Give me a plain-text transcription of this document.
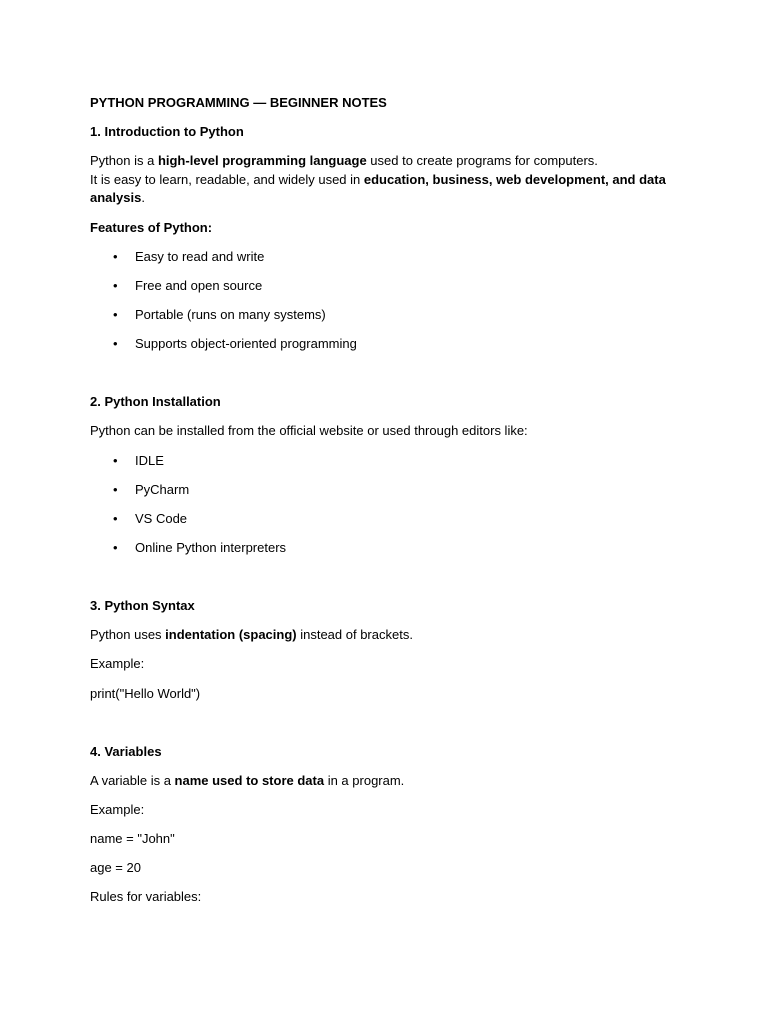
PYTHON PROGRAMMING — BEGINNER NOTES
1. Introduction to Python
Python is a high-level programming language used to create programs for computers.
It is easy to learn, readable, and widely used in education, business, web development, and data
analysis.
Features of Python:
• Easy to read and write
• Free and open source
• Portable (runs on many systems)
• Supports object-oriented programming
2. Python Installation
Python can be installed from the official website or used through editors like:
• IDLE
• PyCharm
• VS Code
• Online Python interpreters
3. Python Syntax
Python uses indentation (spacing) instead of brackets.
Example:
print("Hello World")
4. Variables
A variable is a name used to store data in a program.
Example:
name = "John"
age = 20
Rules for variables:
